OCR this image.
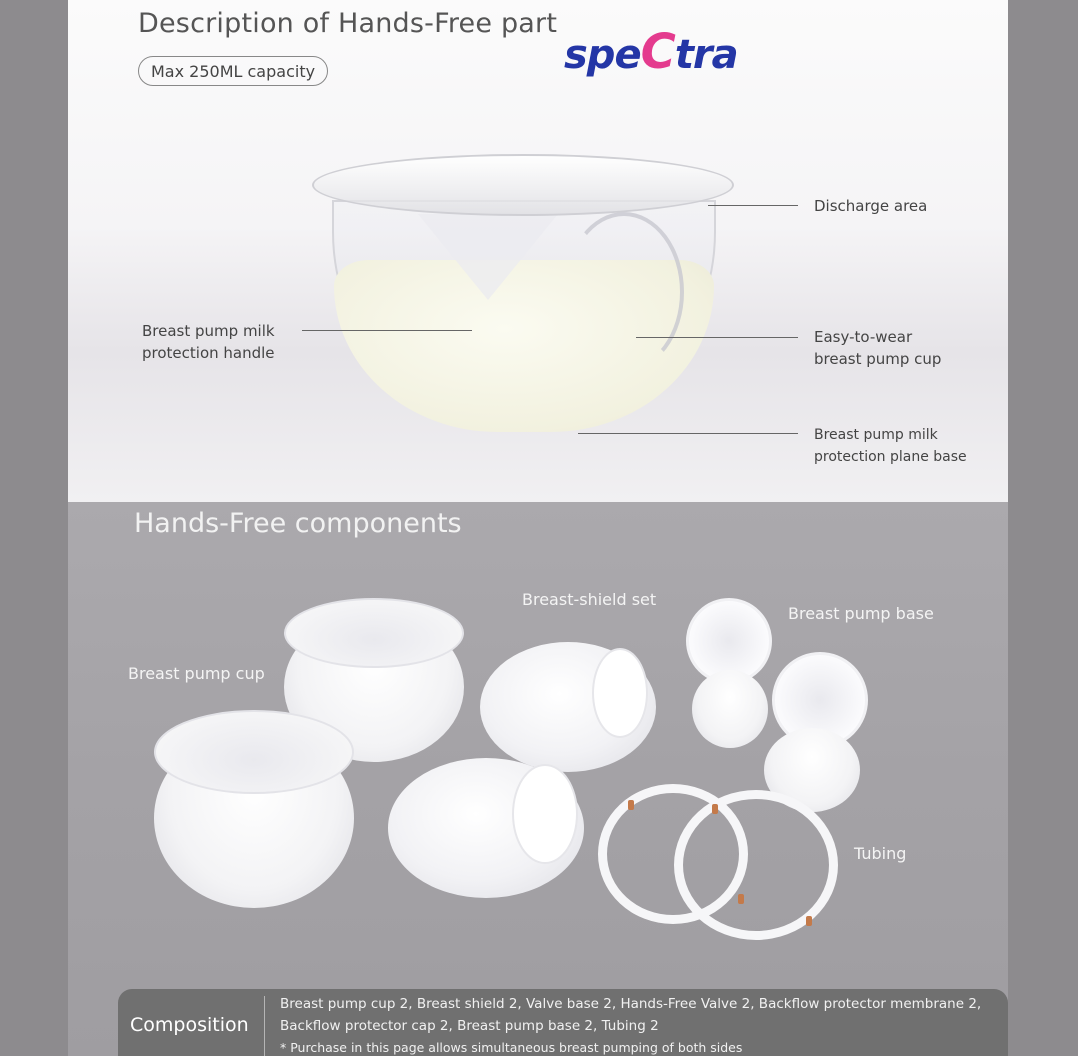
Description of Hands-Free part
Max 250ML capacity	speCtra
Discharge area
Breast pump milk
protection handle
Easy-to-wear
breast pump cup
Breast pump milk
protection plane base
Hands-Free components
Breast pump cup
Breast-shield set
Breast pump base
Tubing
Composition
Breast pump cup 2, Breast shield 2, Valve base 2, Hands-Free Valve 2, Backflow protector membrane 2,
Backflow protector cap 2, Breast pump base 2, Tubing 2
* Purchase in this page allows simultaneous breast pumping of both sides
